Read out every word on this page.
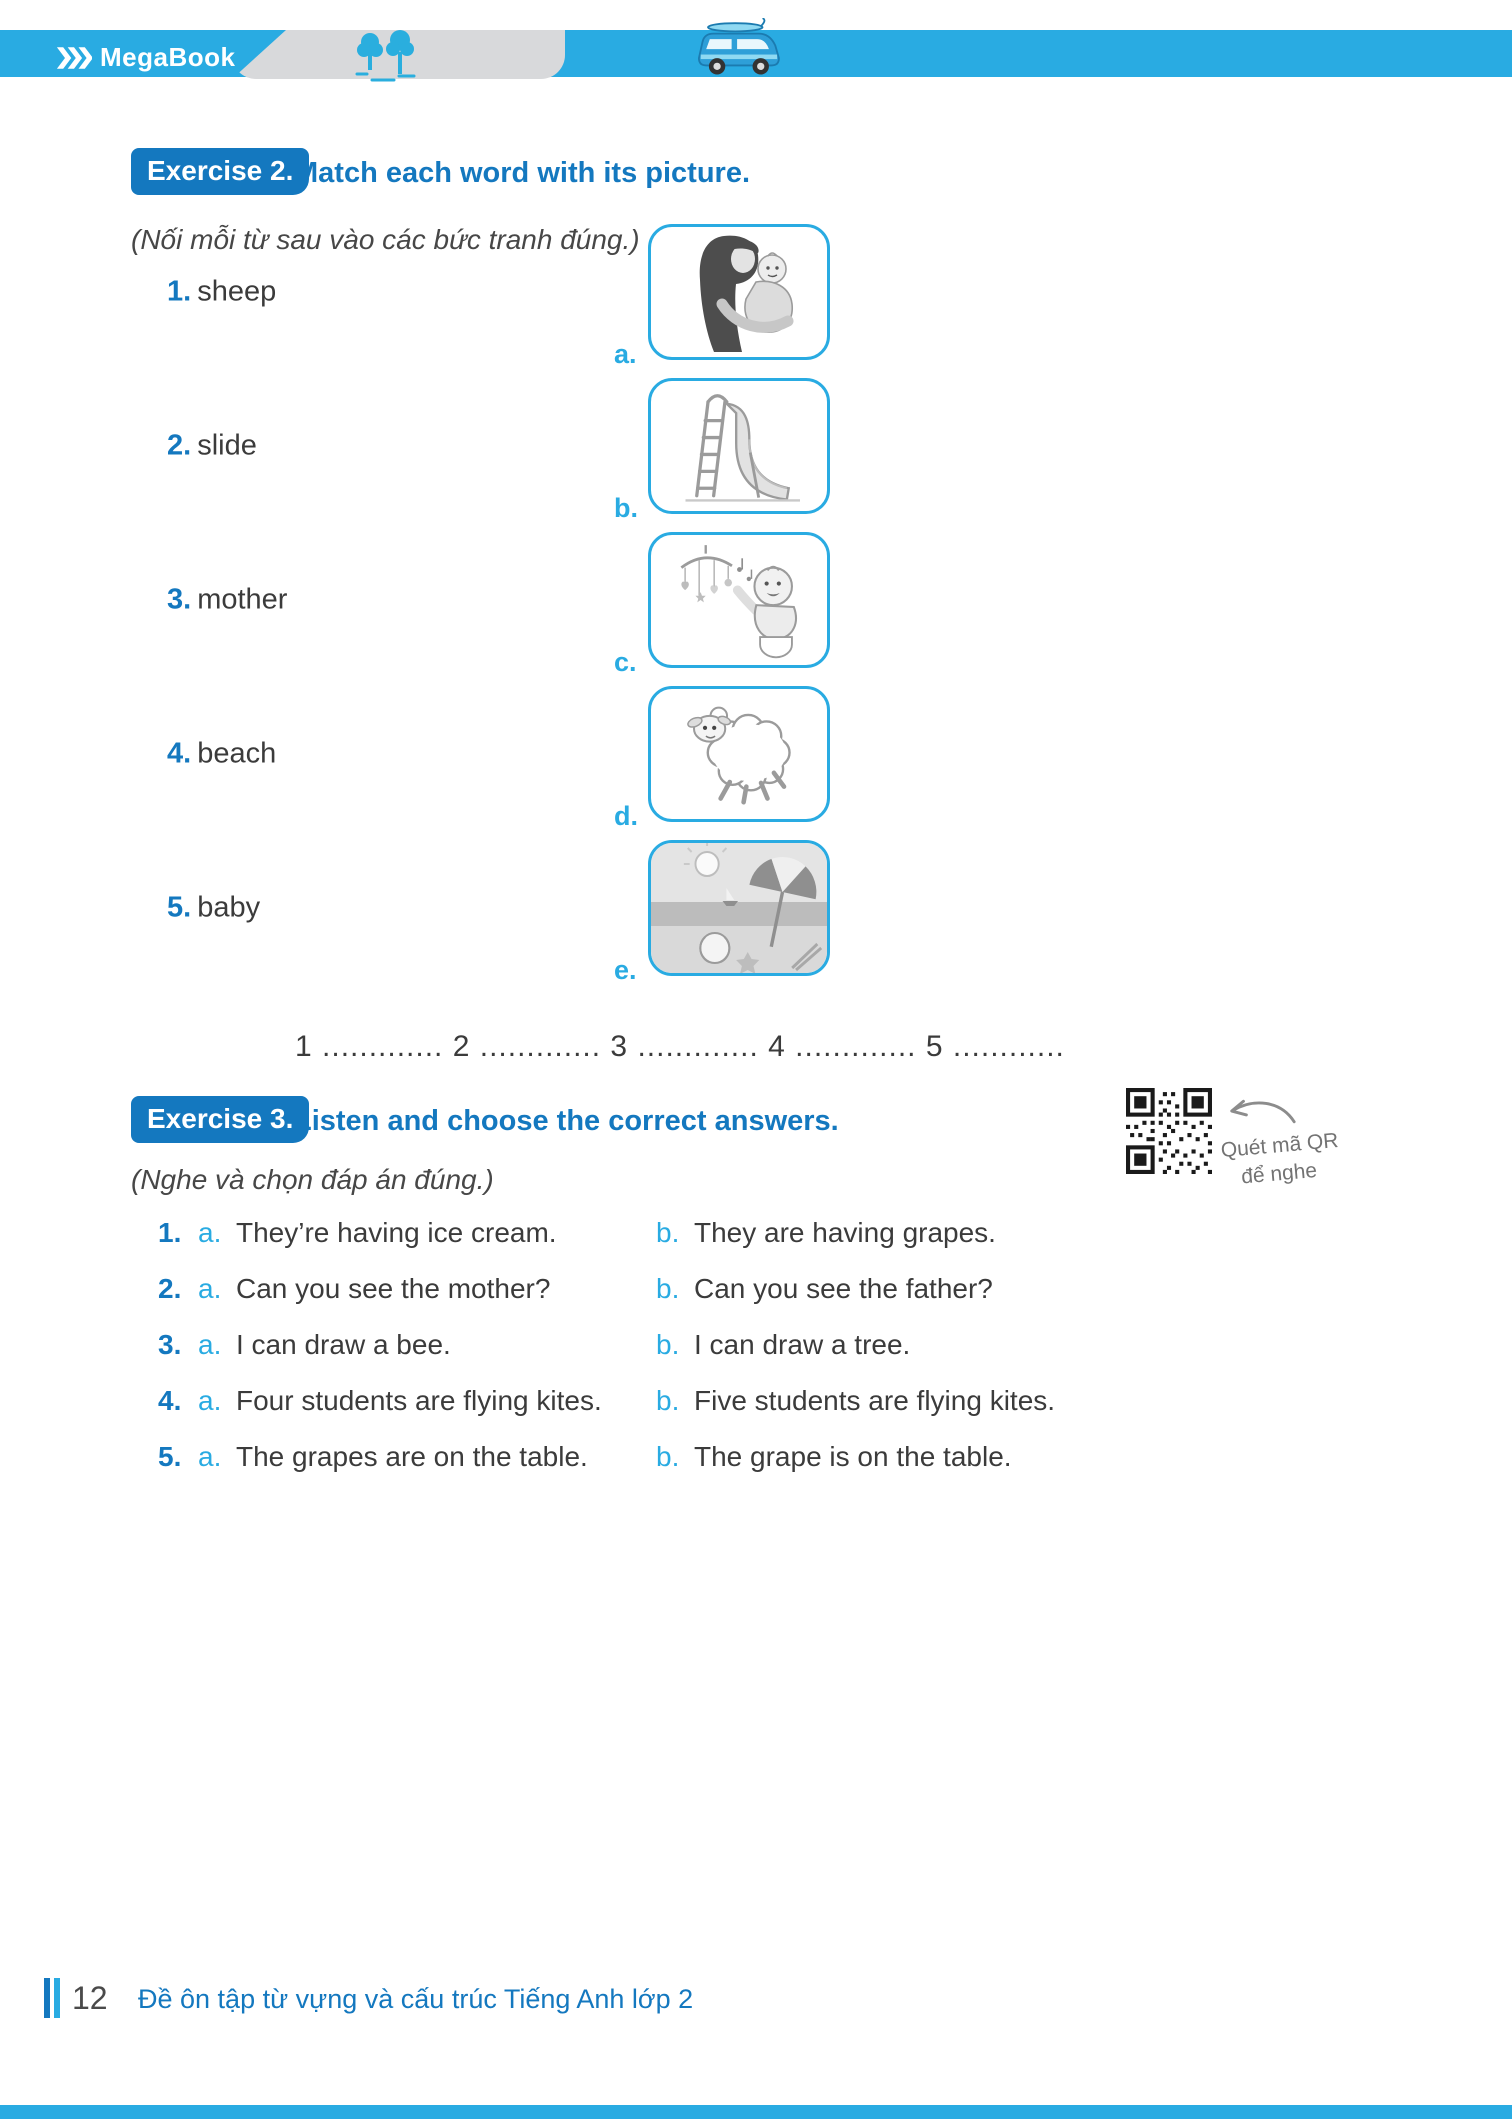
MegaBook
Exercise 2. Match each word with its picture.
(Nối mỗi từ sau vào các bức tranh đúng.)
1. sheep
a.
2. slide
b.
3. mother
c.
4. beach
d.
5. baby
e.
1 ............. 2 ............. 3 ............. 4 ............. 5 ............
Exercise 3. Listen and choose the correct answers.
(Nghe và chọn đáp án đúng.)
Quét mã QR
để nghe
1. a. They’re having ice cream.	b. They are having grapes.
2. a. Can you see the mother?	b. Can you see the father?
3. a. I can draw a bee.	b. I can draw a tree.
4. a. Four students are flying kites. b. Five students are flying kites.
5. a. The grapes are on the table. b. The grape is on the table.
12 Đề ôn tập từ vựng và cấu trúc Tiếng Anh lớp 2
